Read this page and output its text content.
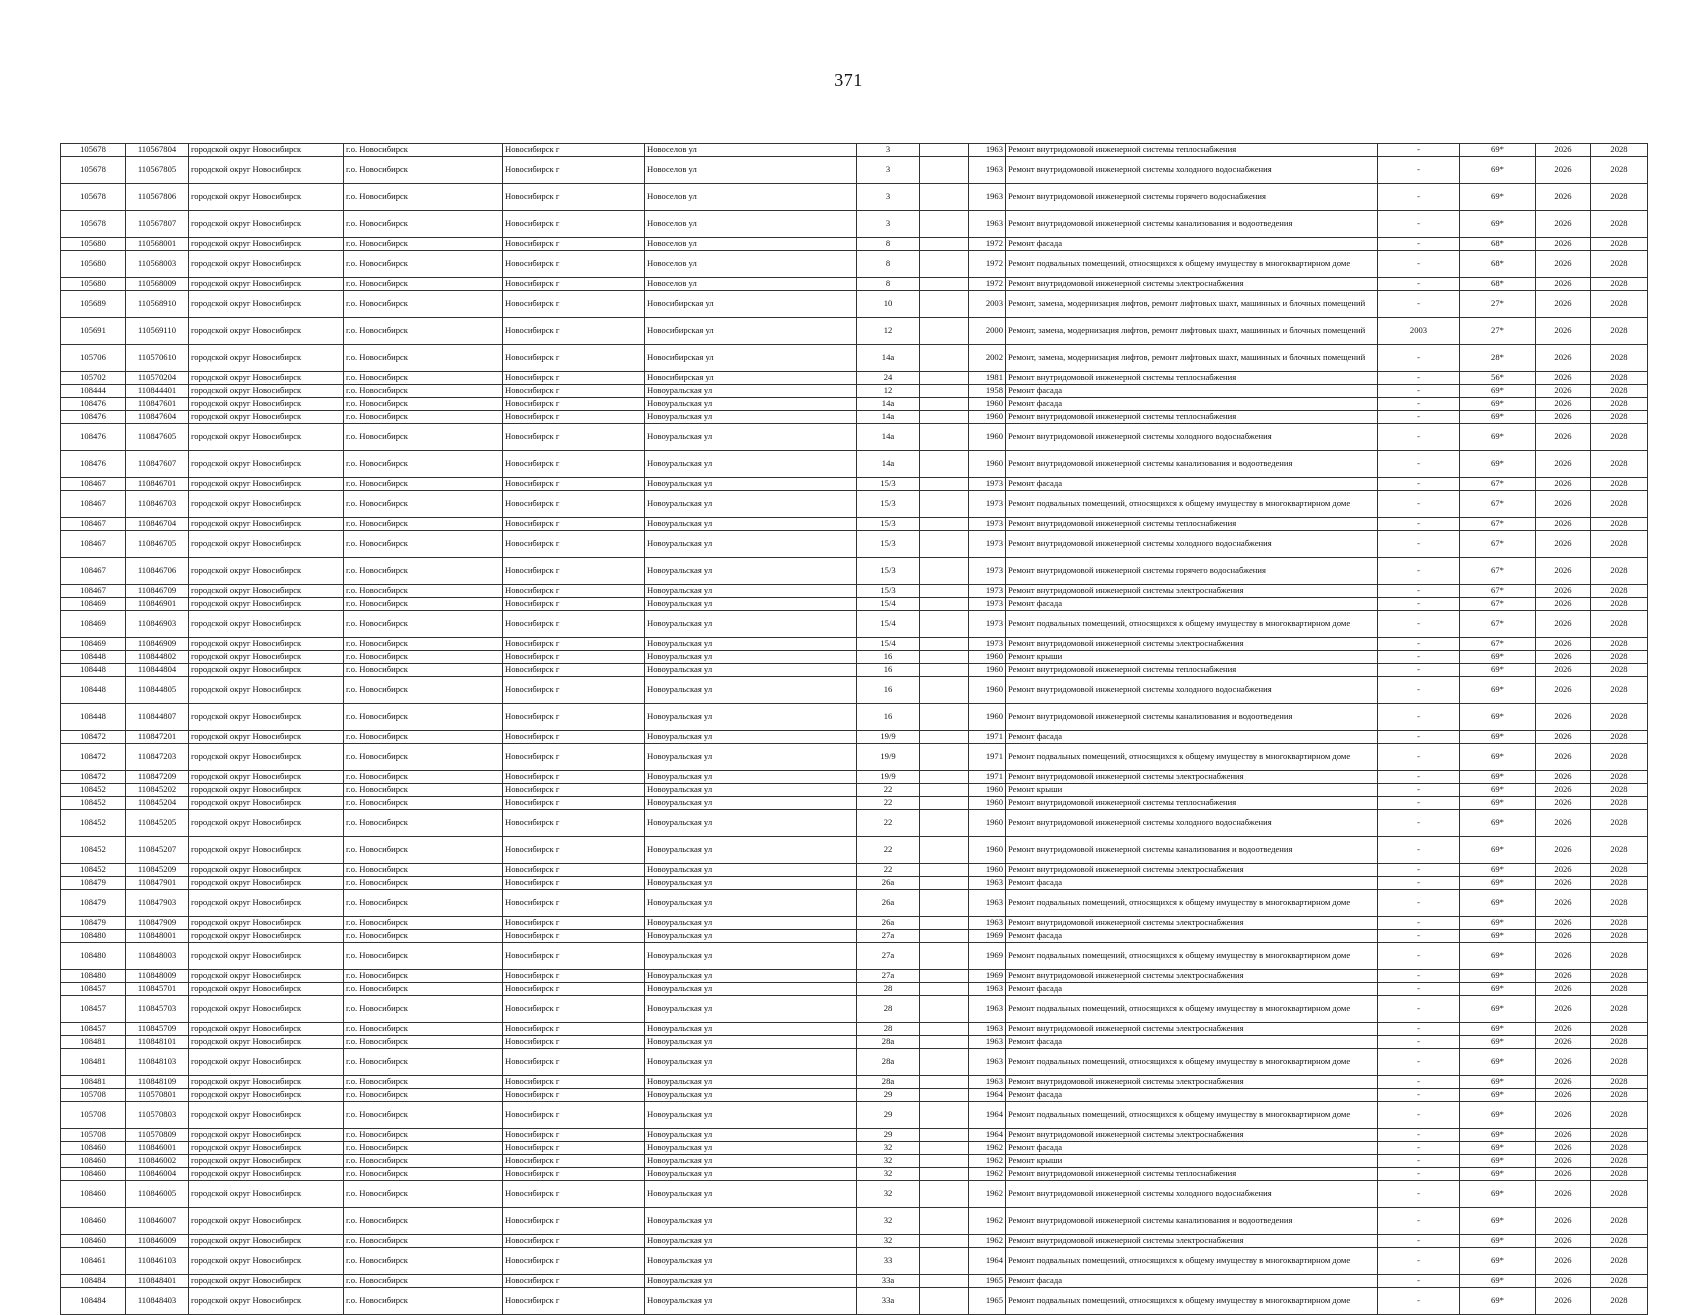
371
105678	110567804	городской округ Новосибирск	г.о. Новосибирск	Новосибирск г	Новоселов ул	3		1963	Ремонт внутридомовой инженерной системы теплоснабжения	-	69*	2026	2028
105678	110567805	городской округ Новосибирск	г.о. Новосибирск	Новосибирск г	Новоселов ул	3		1963	Ремонт внутридомовой инженерной системы холодного водоснабжения	-	69*	2026	2028
105678	110567806	городской округ Новосибирск	г.о. Новосибирск	Новосибирск г	Новоселов ул	3		1963	Ремонт внутридомовой инженерной системы горячего водоснабжения	-	69*	2026	2028
105678	110567807	городской округ Новосибирск	г.о. Новосибирск	Новосибирск г	Новоселов ул	3		1963	Ремонт внутридомовой инженерной системы канализования и водоотведения	-	69*	2026	2028
105680	110568001	городской округ Новосибирск	г.о. Новосибирск	Новосибирск г	Новоселов ул	8		1972	Ремонт фасада	-	68*	2026	2028
105680	110568003	городской округ Новосибирск	г.о. Новосибирск	Новосибирск г	Новоселов ул	8		1972	Ремонт подвальных помещений, относящихся к общему имуществу в многоквартирном доме	-	68*	2026	2028
105680	110568009	городской округ Новосибирск	г.о. Новосибирск	Новосибирск г	Новоселов ул	8		1972	Ремонт внутридомовой инженерной системы электроснабжения	-	68*	2026	2028
105689	110568910	городской округ Новосибирск	г.о. Новосибирск	Новосибирск г	Новосибирская ул	10		2003	Ремонт, замена, модернизация лифтов, ремонт лифтовых шахт, машинных и блочных помещений	-	27*	2026	2028
105691	110569110	городской округ Новосибирск	г.о. Новосибирск	Новосибирск г	Новосибирская ул	12		2000	Ремонт, замена, модернизация лифтов, ремонт лифтовых шахт, машинных и блочных помещений	2003	27*	2026	2028
105706	110570610	городской округ Новосибирск	г.о. Новосибирск	Новосибирск г	Новосибирская ул	14а		2002	Ремонт, замена, модернизация лифтов, ремонт лифтовых шахт, машинных и блочных помещений	-	28*	2026	2028
105702	110570204	городской округ Новосибирск	г.о. Новосибирск	Новосибирск г	Новосибирская ул	24		1981	Ремонт внутридомовой инженерной системы теплоснабжения	-	56*	2026	2028
108444	110844401	городской округ Новосибирск	г.о. Новосибирск	Новосибирск г	Новоуральская ул	12		1958	Ремонт фасада	-	69*	2026	2028
108476	110847601	городской округ Новосибирск	г.о. Новосибирск	Новосибирск г	Новоуральская ул	14а		1960	Ремонт фасада	-	69*	2026	2028
108476	110847604	городской округ Новосибирск	г.о. Новосибирск	Новосибирск г	Новоуральская ул	14а		1960	Ремонт внутридомовой инженерной системы теплоснабжения	-	69*	2026	2028
108476	110847605	городской округ Новосибирск	г.о. Новосибирск	Новосибирск г	Новоуральская ул	14а		1960	Ремонт внутридомовой инженерной системы холодного водоснабжения	-	69*	2026	2028
108476	110847607	городской округ Новосибирск	г.о. Новосибирск	Новосибирск г	Новоуральская ул	14а		1960	Ремонт внутридомовой инженерной системы канализования и водоотведения	-	69*	2026	2028
108467	110846701	городской округ Новосибирск	г.о. Новосибирск	Новосибирск г	Новоуральская ул	15/3		1973	Ремонт фасада	-	67*	2026	2028
108467	110846703	городской округ Новосибирск	г.о. Новосибирск	Новосибирск г	Новоуральская ул	15/3		1973	Ремонт подвальных помещений, относящихся к общему имуществу в многоквартирном доме	-	67*	2026	2028
108467	110846704	городской округ Новосибирск	г.о. Новосибирск	Новосибирск г	Новоуральская ул	15/3		1973	Ремонт внутридомовой инженерной системы теплоснабжения	-	67*	2026	2028
108467	110846705	городской округ Новосибирск	г.о. Новосибирск	Новосибирск г	Новоуральская ул	15/3		1973	Ремонт внутридомовой инженерной системы холодного водоснабжения	-	67*	2026	2028
108467	110846706	городской округ Новосибирск	г.о. Новосибирск	Новосибирск г	Новоуральская ул	15/3		1973	Ремонт внутридомовой инженерной системы горячего водоснабжения	-	67*	2026	2028
108467	110846709	городской округ Новосибирск	г.о. Новосибирск	Новосибирск г	Новоуральская ул	15/3		1973	Ремонт внутридомовой инженерной системы электроснабжения	-	67*	2026	2028
108469	110846901	городской округ Новосибирск	г.о. Новосибирск	Новосибирск г	Новоуральская ул	15/4		1973	Ремонт фасада	-	67*	2026	2028
108469	110846903	городской округ Новосибирск	г.о. Новосибирск	Новосибирск г	Новоуральская ул	15/4		1973	Ремонт подвальных помещений, относящихся к общему имуществу в многоквартирном доме	-	67*	2026	2028
108469	110846909	городской округ Новосибирск	г.о. Новосибирск	Новосибирск г	Новоуральская ул	15/4		1973	Ремонт внутридомовой инженерной системы электроснабжения	-	67*	2026	2028
108448	110844802	городской округ Новосибирск	г.о. Новосибирск	Новосибирск г	Новоуральская ул	16		1960	Ремонт крыши	-	69*	2026	2028
108448	110844804	городской округ Новосибирск	г.о. Новосибирск	Новосибирск г	Новоуральская ул	16		1960	Ремонт внутридомовой инженерной системы теплоснабжения	-	69*	2026	2028
108448	110844805	городской округ Новосибирск	г.о. Новосибирск	Новосибирск г	Новоуральская ул	16		1960	Ремонт внутридомовой инженерной системы холодного водоснабжения	-	69*	2026	2028
108448	110844807	городской округ Новосибирск	г.о. Новосибирск	Новосибирск г	Новоуральская ул	16		1960	Ремонт внутридомовой инженерной системы канализования и водоотведения	-	69*	2026	2028
108472	110847201	городской округ Новосибирск	г.о. Новосибирск	Новосибирск г	Новоуральская ул	19/9		1971	Ремонт фасада	-	69*	2026	2028
108472	110847203	городской округ Новосибирск	г.о. Новосибирск	Новосибирск г	Новоуральская ул	19/9		1971	Ремонт подвальных помещений, относящихся к общему имуществу в многоквартирном доме	-	69*	2026	2028
108472	110847209	городской округ Новосибирск	г.о. Новосибирск	Новосибирск г	Новоуральская ул	19/9		1971	Ремонт внутридомовой инженерной системы электроснабжения	-	69*	2026	2028
108452	110845202	городской округ Новосибирск	г.о. Новосибирск	Новосибирск г	Новоуральская ул	22		1960	Ремонт крыши	-	69*	2026	2028
108452	110845204	городской округ Новосибирск	г.о. Новосибирск	Новосибирск г	Новоуральская ул	22		1960	Ремонт внутридомовой инженерной системы теплоснабжения	-	69*	2026	2028
108452	110845205	городской округ Новосибирск	г.о. Новосибирск	Новосибирск г	Новоуральская ул	22		1960	Ремонт внутридомовой инженерной системы холодного водоснабжения	-	69*	2026	2028
108452	110845207	городской округ Новосибирск	г.о. Новосибирск	Новосибирск г	Новоуральская ул	22		1960	Ремонт внутридомовой инженерной системы канализования и водоотведения	-	69*	2026	2028
108452	110845209	городской округ Новосибирск	г.о. Новосибирск	Новосибирск г	Новоуральская ул	22		1960	Ремонт внутридомовой инженерной системы электроснабжения	-	69*	2026	2028
108479	110847901	городской округ Новосибирск	г.о. Новосибирск	Новосибирск г	Новоуральская ул	26а		1963	Ремонт фасада	-	69*	2026	2028
108479	110847903	городской округ Новосибирск	г.о. Новосибирск	Новосибирск г	Новоуральская ул	26а		1963	Ремонт подвальных помещений, относящихся к общему имуществу в многоквартирном доме	-	69*	2026	2028
108479	110847909	городской округ Новосибирск	г.о. Новосибирск	Новосибирск г	Новоуральская ул	26а		1963	Ремонт внутридомовой инженерной системы электроснабжения	-	69*	2026	2028
108480	110848001	городской округ Новосибирск	г.о. Новосибирск	Новосибирск г	Новоуральская ул	27а		1969	Ремонт фасада	-	69*	2026	2028
108480	110848003	городской округ Новосибирск	г.о. Новосибирск	Новосибирск г	Новоуральская ул	27а		1969	Ремонт подвальных помещений, относящихся к общему имуществу в многоквартирном доме	-	69*	2026	2028
108480	110848009	городской округ Новосибирск	г.о. Новосибирск	Новосибирск г	Новоуральская ул	27а		1969	Ремонт внутридомовой инженерной системы электроснабжения	-	69*	2026	2028
108457	110845701	городской округ Новосибирск	г.о. Новосибирск	Новосибирск г	Новоуральская ул	28		1963	Ремонт фасада	-	69*	2026	2028
108457	110845703	городской округ Новосибирск	г.о. Новосибирск	Новосибирск г	Новоуральская ул	28		1963	Ремонт подвальных помещений, относящихся к общему имуществу в многоквартирном доме	-	69*	2026	2028
108457	110845709	городской округ Новосибирск	г.о. Новосибирск	Новосибирск г	Новоуральская ул	28		1963	Ремонт внутридомовой инженерной системы электроснабжения	-	69*	2026	2028
108481	110848101	городской округ Новосибирск	г.о. Новосибирск	Новосибирск г	Новоуральская ул	28а		1963	Ремонт фасада	-	69*	2026	2028
108481	110848103	городской округ Новосибирск	г.о. Новосибирск	Новосибирск г	Новоуральская ул	28а		1963	Ремонт подвальных помещений, относящихся к общему имуществу в многоквартирном доме	-	69*	2026	2028
108481	110848109	городской округ Новосибирск	г.о. Новосибирск	Новосибирск г	Новоуральская ул	28а		1963	Ремонт внутридомовой инженерной системы электроснабжения	-	69*	2026	2028
105708	110570801	городской округ Новосибирск	г.о. Новосибирск	Новосибирск г	Новоуральская ул	29		1964	Ремонт фасада	-	69*	2026	2028
105708	110570803	городской округ Новосибирск	г.о. Новосибирск	Новосибирск г	Новоуральская ул	29		1964	Ремонт подвальных помещений, относящихся к общему имуществу в многоквартирном доме	-	69*	2026	2028
105708	110570809	городской округ Новосибирск	г.о. Новосибирск	Новосибирск г	Новоуральская ул	29		1964	Ремонт внутридомовой инженерной системы электроснабжения	-	69*	2026	2028
108460	110846001	городской округ Новосибирск	г.о. Новосибирск	Новосибирск г	Новоуральская ул	32		1962	Ремонт фасада	-	69*	2026	2028
108460	110846002	городской округ Новосибирск	г.о. Новосибирск	Новосибирск г	Новоуральская ул	32		1962	Ремонт крыши	-	69*	2026	2028
108460	110846004	городской округ Новосибирск	г.о. Новосибирск	Новосибирск г	Новоуральская ул	32		1962	Ремонт внутридомовой инженерной системы теплоснабжения	-	69*	2026	2028
108460	110846005	городской округ Новосибирск	г.о. Новосибирск	Новосибирск г	Новоуральская ул	32		1962	Ремонт внутридомовой инженерной системы холодного водоснабжения	-	69*	2026	2028
108460	110846007	городской округ Новосибирск	г.о. Новосибирск	Новосибирск г	Новоуральская ул	32		1962	Ремонт внутридомовой инженерной системы канализования и водоотведения	-	69*	2026	2028
108460	110846009	городской округ Новосибирск	г.о. Новосибирск	Новосибирск г	Новоуральская ул	32		1962	Ремонт внутридомовой инженерной системы электроснабжения	-	69*	2026	2028
108461	110846103	городской округ Новосибирск	г.о. Новосибирск	Новосибирск г	Новоуральская ул	33		1964	Ремонт подвальных помещений, относящихся к общему имуществу в многоквартирном доме	-	69*	2026	2028
108484	110848401	городской округ Новосибирск	г.о. Новосибирск	Новосибирск г	Новоуральская ул	33а		1965	Ремонт фасада	-	69*	2026	2028
108484	110848403	городской округ Новосибирск	г.о. Новосибирск	Новосибирск г	Новоуральская ул	33а		1965	Ремонт подвальных помещений, относящихся к общему имуществу в многоквартирном доме	-	69*	2026	2028
